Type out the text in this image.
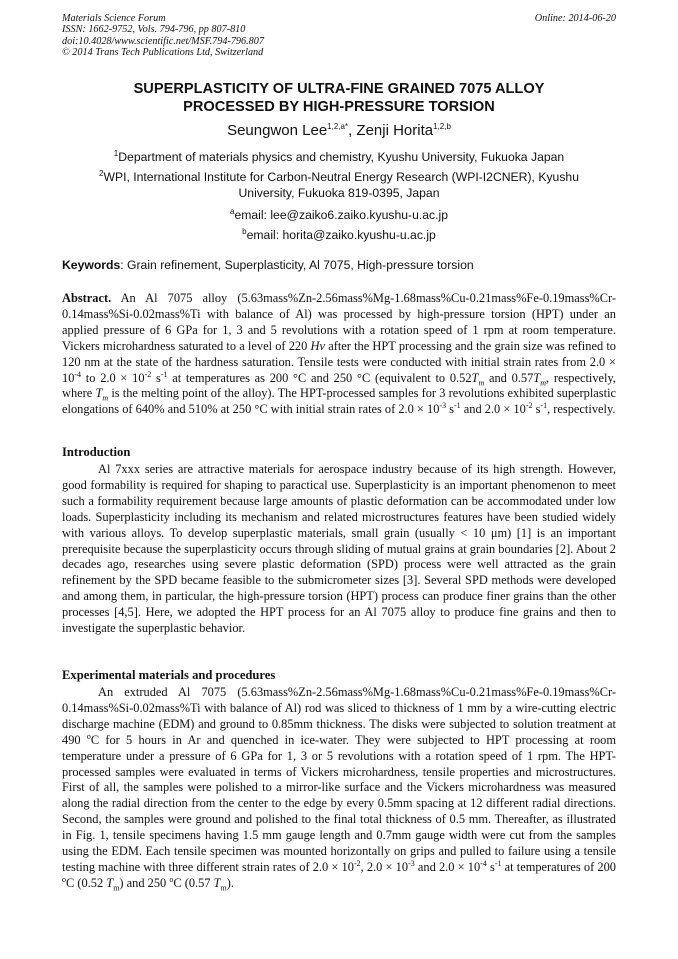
Materials Science Forum
ISSN: 1662-9752, Vols. 794-796, pp 807-810
doi:10.4028/www.scientific.net/MSF.794-796.807
© 2014 Trans Tech Publications Ltd, Switzerland
Online: 2014-06-20
SUPERPLASTICITY OF ULTRA-FINE GRAINED 7075 ALLOY
PROCESSED BY HIGH-PRESSURE TORSION
Seungwon Lee$^{1,2,a*}$, Zenji Horita$^{1,2,b}$
$^1$Department of materials physics and chemistry, Kyushu University, Fukuoka Japan
$^2$WPI, International Institute for Carbon-Neutral Energy Research (WPI-I2CNER), Kyushu
University, Fukuoka 819-0395, Japan
$^a$email: lee@zaiko6.zaiko.kyushu-u.ac.jp
$^b$email: horita@zaiko.kyushu-u.ac.jp
Keywords: Grain refinement, Superplasticity, Al 7075, High-pressure torsion
Abstract. An Al 7075 alloy (5.63mass%Zn-2.56mass%Mg-1.68mass%Cu-0.21mass%Fe-0.19mass%Cr-0.14mass%Si-0.02mass%Ti with balance of Al) was processed by high-pressure torsion (HPT) under an applied pressure of 6 GPa for 1, 3 and 5 revolutions with a rotation speed of 1 rpm at room temperature. Vickers microhardness saturated to a level of 220 Hv after the HPT processing and the grain size was refined to 120 nm at the state of the hardness saturation. Tensile tests were conducted with initial strain rates from $2.0 \times 10^{-4}$ to $2.0 \times 10^{-2}$ $s^{-1}$ at temperatures as 200 °C and 250 °C (equivalent to $0.52T_m$ and $0.57T_m$, respectively, where $T_m$ is the melting point of the alloy). The HPT-processed samples for 3 revolutions exhibited superplastic elongations of 640% and 510% at 250 °C with initial strain rates of $2.0 \times 10^{-3}$ $s^{-1}$ and $2.0 \times 10^{-2}$ $s^{-1}$, respectively.
Introduction
Al 7xxx series are attractive materials for aerospace industry because of its high strength. However, good formability is required for shaping to paractical use. Superplasticity is an important phenomenon to meet such a formability requirement because large amounts of plastic deformation can be accommodated under low loads. Superplasticity including its mechanism and related microstructures features have been studied widely with various alloys. To develop superplastic materials, small grain (usually < 10 μm) [1] is an important prerequisite because the superplasticity occurs through sliding of mutual grains at grain boundaries [2]. About 2 decades ago, researches using severe plastic deformation (SPD) process were well attracted as the grain refinement by the SPD became feasible to the submicrometer sizes [3]. Several SPD methods were developed and among them, in particular, the high-pressure torsion (HPT) process can produce finer grains than the other processes [4,5]. Here, we adopted the HPT process for an Al 7075 alloy to produce fine grains and then to investigate the superplastic behavior.
Experimental materials and procedures
An extruded Al 7075 (5.63mass%Zn-2.56mass%Mg-1.68mass%Cu-0.21mass%Fe-0.19mass%Cr-0.14mass%Si-0.02mass%Ti with balance of Al) rod was sliced to thickness of 1 mm by a wire-cutting electric discharge machine (EDM) and ground to 0.85mm thickness. The disks were subjected to solution treatment at 490 $^o$C for 5 hours in Ar and quenched in ice-water. They were subjected to HPT processing at room temperature under a pressure of 6 GPa for 1, 3 or 5 revolutions with a rotation speed of 1 rpm. The HPT-processed samples were evaluated in terms of Vickers microhardness, tensile properties and microstructures. First of all, the samples were polished to a mirror-like surface and the Vickers microhardness was measured along the radial direction from the center to the edge by every 0.5mm spacing at 12 different radial directions. Second, the samples were ground and polished to the final total thickness of 0.5 mm. Thereafter, as illustrated in Fig. 1, tensile specimens having 1.5 mm gauge length and 0.7mm gauge width were cut from the samples using the EDM. Each tensile specimen was mounted horizontally on grips and pulled to failure using a tensile testing machine with three different strain rates of $2.0 \times 10^{-2}$, $2.0 \times 10^{-3}$ and $2.0 \times 10^{-4}$ $s^{-1}$ at temperatures of 200 $^o$C (0.52 $T_m$) and 250 $^o$C (0.57 $T_m$).
